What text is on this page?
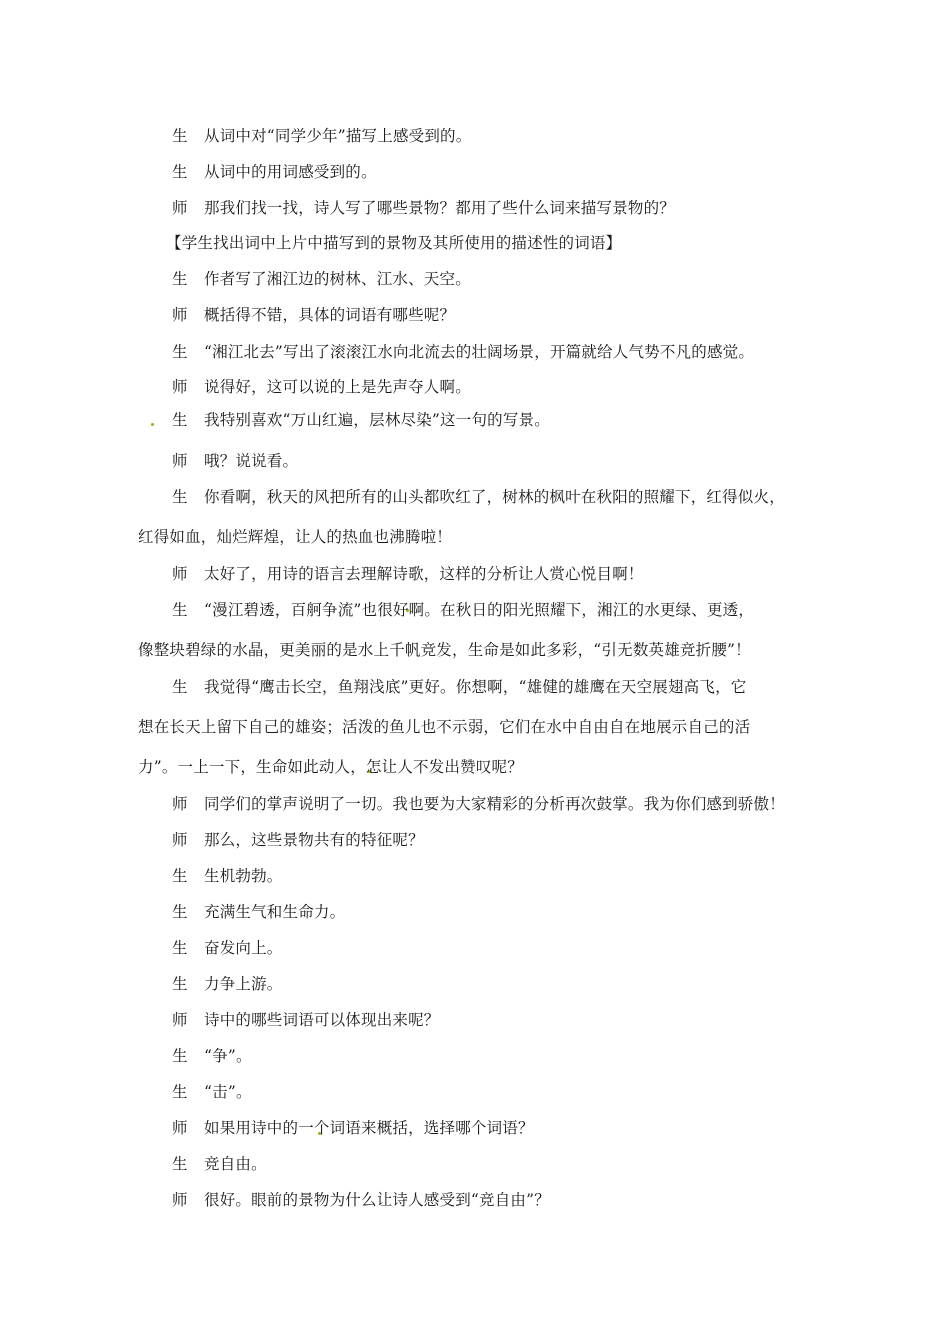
生 从词中对“同学少年”描写上感受到的。
生 从词中的用词感受到的。
师 那我们找一找，诗人写了哪些景物？都用了些什么词来描写景物的？
【学生找出词中上片中描写到的景物及其所使用的描述性的词语】
生 作者写了湘江边的树林、江水、天空。
师 概括得不错，具体的词语有哪些呢？
生 “湘江北去”写出了滚滚江水向北流去的壮阔场景，开篇就给人气势不凡的感觉。
师 说得好，这可以说的上是先声夺人啊。
生 我特别喜欢“万山红遍，层林尽染”这一句的写景。
师 哦？说说看。
生 你看啊，秋天的风把所有的山头都吹红了，树林的枫叶在秋阳的照耀下，红得似火，
红得如血，灿烂辉煌，让人的热血也沸腾啦！
师 太好了，用诗的语言去理解诗歌，这样的分析让人赏心悦目啊！
生 “漫江碧透，百舸争流”也很好啊。在秋日的阳光照耀下，湘江的水更绿、更透，
像整块碧绿的水晶，更美丽的是水上千帆竞发，生命是如此多彩，“引无数英雄竞折腰”！
生 我觉得“鹰击长空，鱼翔浅底”更好。你想啊，“雄健的雄鹰在天空展翅高飞，它
想在长天上留下自己的雄姿；活泼的鱼儿也不示弱，它们在水中自由自在地展示自己的活
力”。一上一下，生命如此动人，怎让人不发出赞叹呢？
师 同学们的掌声说明了一切。我也要为大家精彩的分析再次鼓掌。我为你们感到骄傲！
师 那么，这些景物共有的特征呢？
生 生机勃勃。
生 充满生气和生命力。
生 奋发向上。
生 力争上游。
师 诗中的哪些词语可以体现出来呢？
生 “争”。
生 “击”。
师 如果用诗中的一个词语来概括，选择哪个词语？
生 竞自由。
师 很好。眼前的景物为什么让诗人感受到“竞自由”？
